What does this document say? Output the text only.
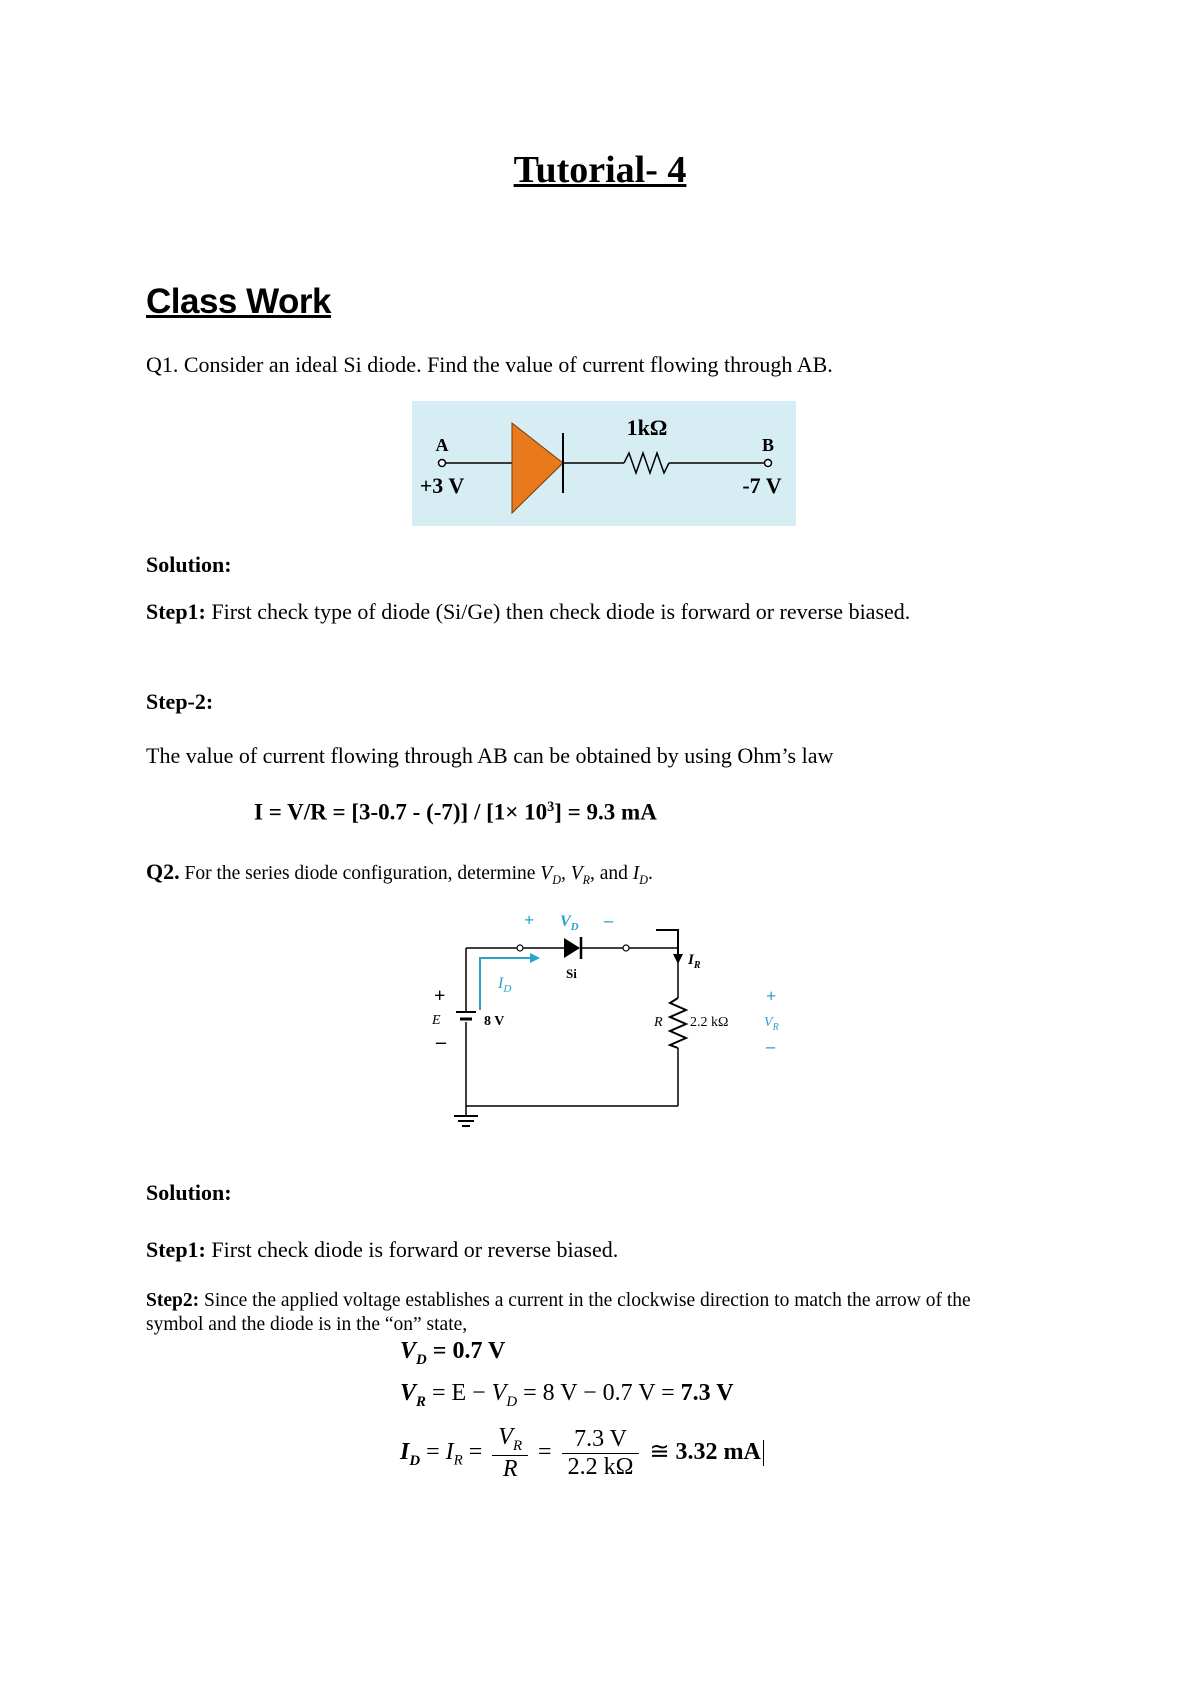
Tutorial- 4
Class Work
Q1. Consider an ideal Si diode. Find the value of current flowing through AB.
A	B
+3 V	-7 V
1kΩ
Solution:
Step1: First check type of diode (Si/Ge) then check diode is forward or reverse biased.
Step-2:
The value of current flowing through AB can be obtained by using Ohm’s law
$I = V/R = [3-0.7 - (-7)] / [1\times 10^3] = 9.3$ mA
Q2. For the series diode configuration, determine $V_D$, $V_R$, and $I_D$.
+ $V_D$ –
Si
$I_D$
$I_R$
+
E
–
8 V	R 2.2 kΩ
+
$V_R$
–
Solution:
Step1: First check diode is forward or reverse biased.
Step2: Since the applied voltage establishes a current in the clockwise direction to match the arrow of the
symbol and the diode is in the “on” state,
$V_D = 0.7$ V
$V_R = E - V_D = 8$ V − 0.7 V = 7.3 V
$I_D = I_R = \frac{V_R}{R} = \frac{7.3 V}{2.2 k\Omega}$ ≅ 3.32 mA
